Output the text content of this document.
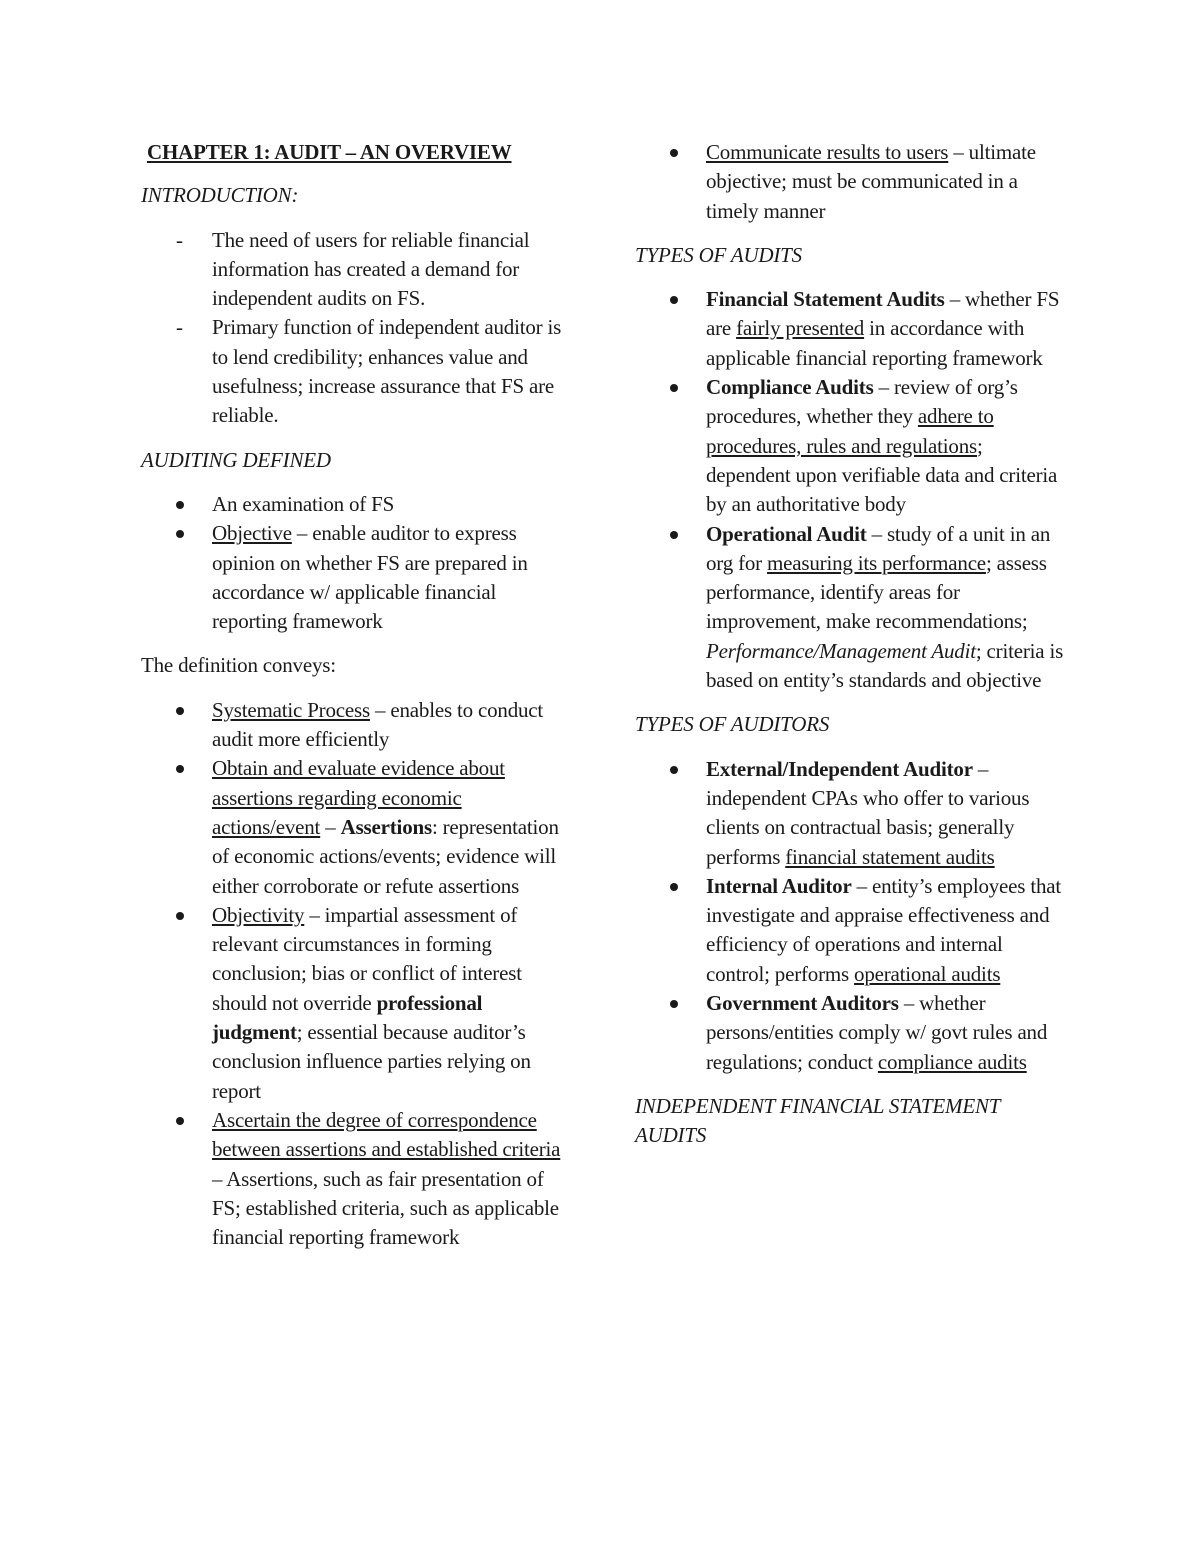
CHAPTER 1: AUDIT – AN OVERVIEW
INTRODUCTION:
- The need of users for reliable financial information has created a demand for independent audits on FS.
- Primary function of independent auditor is to lend credibility; enhances value and usefulness; increase assurance that FS are reliable.
AUDITING DEFINED
An examination of FS
Objective – enable auditor to express opinion on whether FS are prepared in accordance w/ applicable financial reporting framework
The definition conveys:
Systematic Process – enables to conduct audit more efficiently
Obtain and evaluate evidence about assertions regarding economic actions/event – Assertions: representation of economic actions/events; evidence will either corroborate or refute assertions
Objectivity – impartial assessment of relevant circumstances in forming conclusion; bias or conflict of interest should not override professional judgment; essential because auditor’s conclusion influence parties relying on report
Ascertain the degree of correspondence between assertions and established criteria – Assertions, such as fair presentation of FS; established criteria, such as applicable financial reporting framework
Communicate results to users – ultimate objective; must be communicated in a timely manner
TYPES OF AUDITS
Financial Statement Audits – whether FS are fairly presented in accordance with applicable financial reporting framework
Compliance Audits – review of org’s procedures, whether they adhere to procedures, rules and regulations; dependent upon verifiable data and criteria by an authoritative body
Operational Audit – study of a unit in an org for measuring its performance; assess performance, identify areas for improvement, make recommendations; Performance/Management Audit; criteria is based on entity’s standards and objective
TYPES OF AUDITORS
External/Independent Auditor – independent CPAs who offer to various clients on contractual basis; generally performs financial statement audits
Internal Auditor – entity’s employees that investigate and appraise effectiveness and efficiency of operations and internal control; performs operational audits
Government Auditors – whether persons/entities comply w/ govt rules and regulations; conduct compliance audits
INDEPENDENT FINANCIAL STATEMENT AUDITS
